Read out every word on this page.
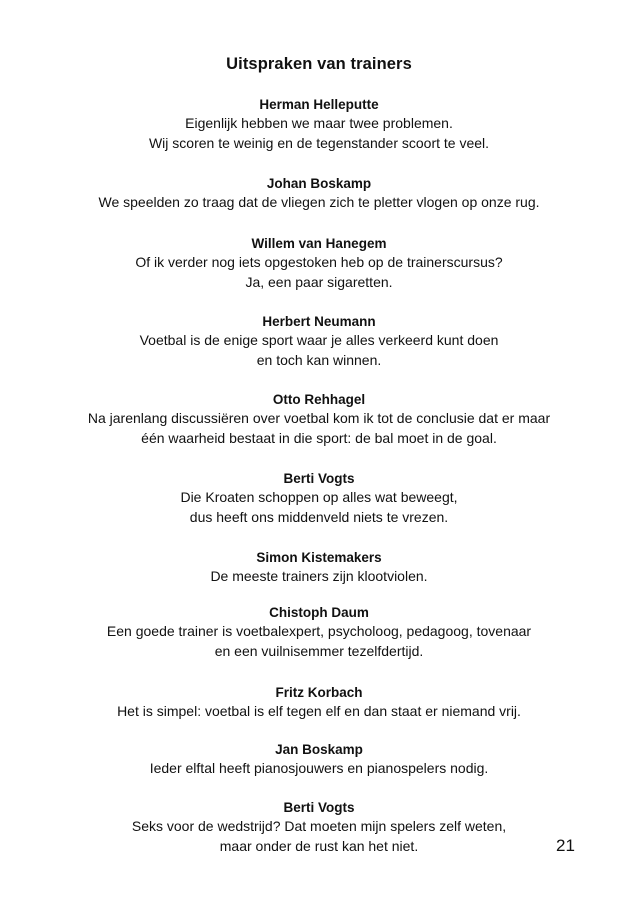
Uitspraken van trainers
Herman Helleputte
Eigenlijk hebben we maar twee problemen.
Wij scoren te weinig en de tegenstander scoort te veel.
Johan Boskamp
We speelden zo traag dat de vliegen zich te pletter vlogen op onze rug.
Willem van Hanegem
Of ik verder nog iets opgestoken heb op de trainerscursus?
Ja, een paar sigaretten.
Herbert Neumann
Voetbal is de enige sport waar je alles verkeerd kunt doen
en toch kan winnen.
Otto Rehhagel
Na jarenlang discussiëren over voetbal kom ik tot de conclusie dat er maar
één waarheid bestaat in die sport: de bal moet in de goal.
Berti Vogts
Die Kroaten schoppen op alles wat beweegt,
dus heeft ons middenveld niets te vrezen.
Simon Kistemakers
De meeste trainers zijn klootviolen.
Chistoph Daum
Een goede trainer is voetbalexpert, psycholoog, pedagoog, tovenaar
en een vuilnisemmer tezelfdertijd.
Fritz Korbach
Het is simpel: voetbal is elf tegen elf en dan staat er niemand vrij.
Jan Boskamp
Ieder elftal heeft pianosjouwers en pianospelers nodig.
Berti Vogts
Seks voor de wedstrijd? Dat moeten mijn spelers zelf weten,
maar onder de rust kan het niet.	21
